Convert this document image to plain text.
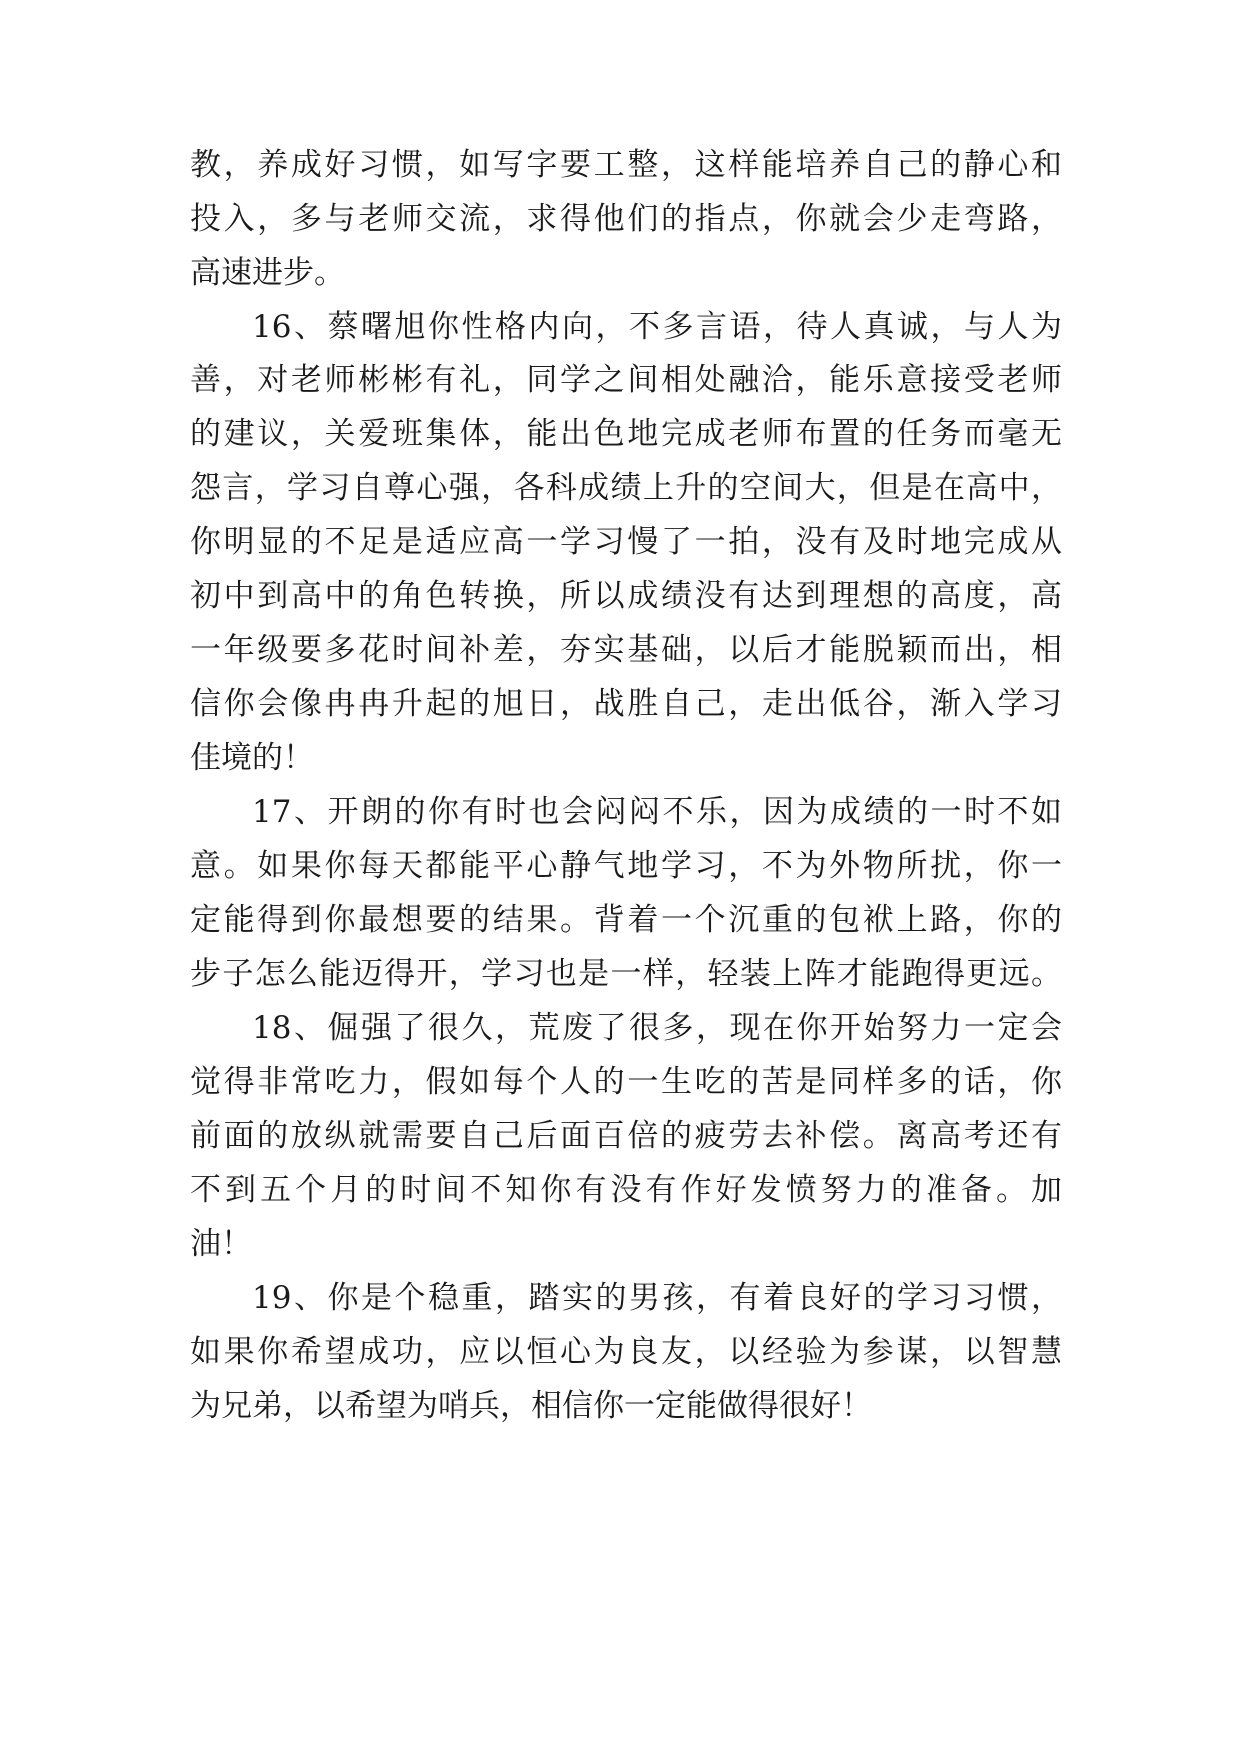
教，养成好习惯，如写字要工整，这样能培养自己的静心和
投入，多与老师交流，求得他们的指点，你就会少走弯路，
高速进步。
16、蔡曙旭你性格内向，不多言语，待人真诚，与人为
善，对老师彬彬有礼，同学之间相处融洽，能乐意接受老师
的建议，关爱班集体，能出色地完成老师布置的任务而毫无
怨言，学习自尊心强，各科成绩上升的空间大，但是在高中，
你明显的不足是适应高一学习慢了一拍，没有及时地完成从
初中到高中的角色转换，所以成绩没有达到理想的高度，高
一年级要多花时间补差，夯实基础，以后才能脱颖而出，相
信你会像冉冉升起的旭日，战胜自己，走出低谷，渐入学习
佳境的！
17、开朗的你有时也会闷闷不乐，因为成绩的一时不如
意。如果你每天都能平心静气地学习，不为外物所扰，你一
定能得到你最想要的结果。背着一个沉重的包袱上路，你的
步子怎么能迈得开，学习也是一样，轻装上阵才能跑得更远。
18、倔强了很久，荒废了很多，现在你开始努力一定会
觉得非常吃力，假如每个人的一生吃的苦是同样多的话，你
前面的放纵就需要自己后面百倍的疲劳去补偿。离高考还有
不到五个月的时间不知你有没有作好发愤努力的准备。加
油！
19、你是个稳重，踏实的男孩，有着良好的学习习惯，
如果你希望成功，应以恒心为良友，以经验为参谋，以智慧
为兄弟，以希望为哨兵，相信你一定能做得很好！
